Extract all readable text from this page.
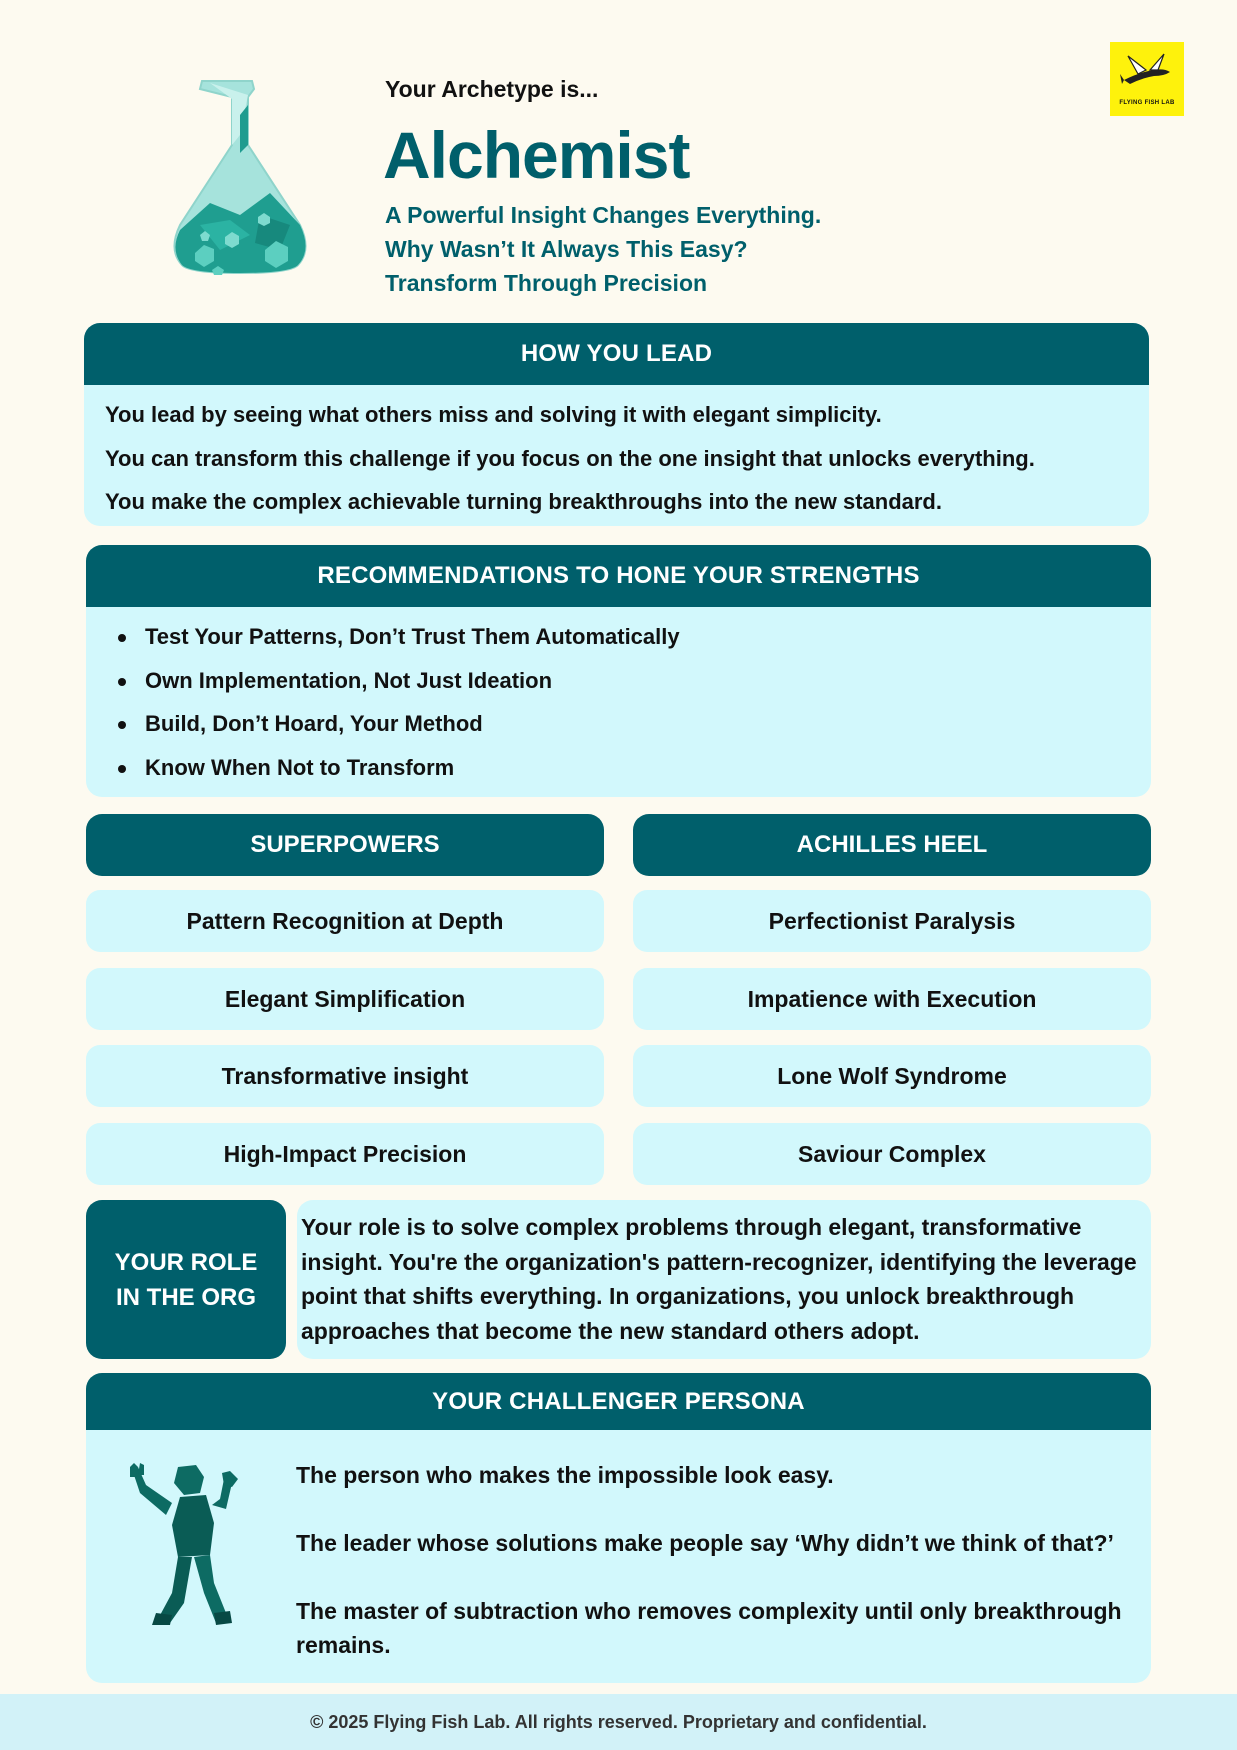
FLYING FISH LAB
Your Archetype is...
Alchemist
A Powerful Insight Changes Everything.
Why Wasn’t It Always This Easy?
Transform Through Precision
HOW YOU LEAD

You lead by seeing what others miss and solving it with elegant simplicity.

You can transform this challenge if you focus on the one insight that unlocks everything.

You make the complex achievable turning breakthroughs into the new standard.

RECOMMENDATIONS TO HONE YOUR STRENGTHS
Test Your Patterns, Don’t Trust Them Automatically
Own Implementation, Not Just Ideation
Build, Don’t Hoard, Your Method
Know When Not to Transform
SUPERPOWERS	ACHILLES HEEL
Pattern Recognition at Depth
Elegant Simplification
Transformative insight
High-Impact Precision
Perfectionist Paralysis
Impatience with Execution
Lone Wolf Syndrome
Saviour Complex
YOUR ROLE
IN THE ORG
Your role is to solve complex problems through elegant, transformative insight. You're the organization's pattern-recognizer, identifying the leverage point that shifts everything. In organizations, you unlock breakthrough approaches that become the new standard others adopt.
YOUR CHALLENGER PERSONA

The person who makes the impossible look easy.

The leader whose solutions make people say ‘Why didn’t we think of that?’

The master of subtraction who removes complexity until only breakthrough remains.

© 2025 Flying Fish Lab. All rights reserved. Proprietary and confidential.
